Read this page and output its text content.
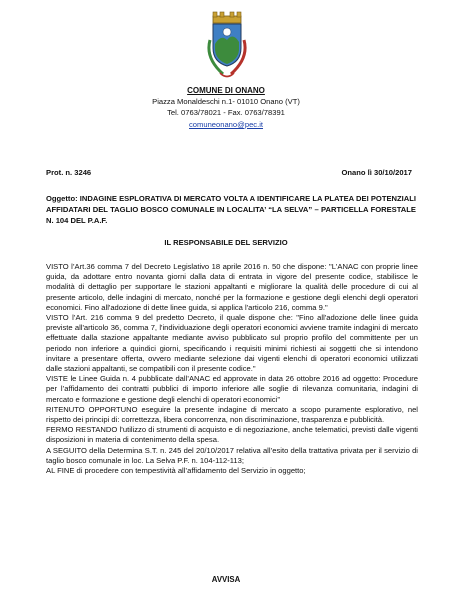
COMUNE DI ONANO
Piazza Monaldeschi n.1- 01010 Onano (VT)
Tel. 0763/78021 - Fax. 0763/78391
comuneonano@pec.it
Prot. n. 3246	Onano lì 30/10/2017
Oggetto: INDAGINE ESPLORATIVA DI MERCATO VOLTA A IDENTIFICARE LA PLATEA DEI POTENZIALI AFFIDATARI DEL TAGLIO BOSCO COMUNALE IN LOCALITA’ “LA SELVA” – PARTICELLA FORESTALE N. 104 DEL P.A.F.
IL RESPONSABILE DEL SERVIZIO

VISTO l’Art.36 comma 7 del Decreto Legislativo 18 aprile 2016 n. 50 che dispone: "L'ANAC con proprie linee guida, da adottare entro novanta giorni dalla data di entrata in vigore del presente codice, stabilisce le modalità di dettaglio per supportare le stazioni appaltanti e migliorare la qualità delle procedure di cui al presente articolo, delle indagini di mercato, nonché per la formazione e gestione degli elenchi degli operatori economici. Fino all'adozione di dette linee guida, si applica l'articolo 216, comma 9."

VISTO l’Art. 216 comma 9 del predetto Decreto, il quale dispone che: "Fino all'adozione delle linee guida previste all'articolo 36, comma 7, l'individuazione degli operatori economici avviene tramite indagini di mercato effettuate dalla stazione appaltante mediante avviso pubblicato sul proprio profilo del committente per un periodo non inferiore a quindici giorni, specificando i requisiti minimi richiesti ai soggetti che si intendono invitare a presentare offerta, ovvero mediante selezione dai vigenti elenchi di operatori economici utilizzati dalle stazioni appaltanti, se compatibili con il presente codice."

VISTE le Linee Guida n. 4 pubblicate dall’ANAC ed approvate in data 26 ottobre 2016 ad oggetto: Procedure per l’affidamento dei contratti pubblici di importo inferiore alle soglie di rilevanza comunitaria, indagini di mercato e formazione e gestione degli elenchi di operatori economici”

RITENUTO OPPORTUNO eseguire la presente indagine di mercato a scopo puramente esplorativo, nel rispetto dei principi di: correttezza, libera concorrenza, non discriminazione, trasparenza e pubblicità.

FERMO RESTANDO l’utilizzo di strumenti di acquisto e di negoziazione, anche telematici, previsti dalle vigenti disposizioni in materia di contenimento della spesa.

A SEGUITO della Determina S.T. n. 245 del 20/10/2017 relativa all’esito della trattativa privata per il servizio di taglio bosco comunale in loc. La Selva P.F. n. 104-112-113;

AL FINE di procedere con tempestività all’affidamento del Servizio in oggetto;

AVVISA
